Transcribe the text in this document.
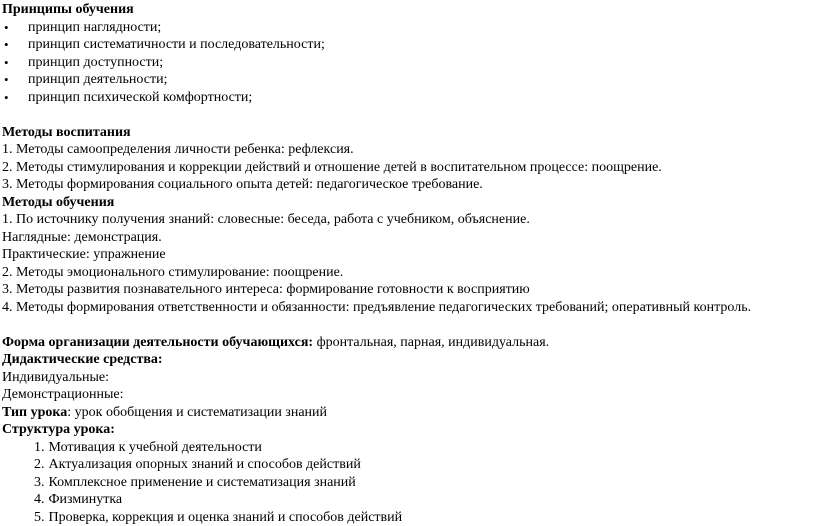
Принципы обучения
• принцип наглядности;
• принцип систематичности и последовательности;
• принцип доступности;
• принцип деятельности;
• принцип психической комфортности;
Методы воспитания
1. Методы самоопределения личности ребенка: рефлексия.
2. Методы стимулирования и коррекции действий и отношение детей в воспитательном процессе: поощрение.
3. Методы формирования социального опыта детей: педагогическое требование.
Методы обучения
1. По источнику получения знаний: словесные: беседа, работа с учебником, объяснение.
Наглядные: демонстрация.
Практические: упражнение
2. Методы эмоционального стимулирование: поощрение.
3. Методы развития познавательного интереса: формирование готовности к восприятию
4. Методы формирования ответственности и обязанности: предъявление педагогических требований; оперативный контроль.
Форма организации деятельности обучающихся: фронтальная, парная, индивидуальная.
Дидактические средства:
Индивидуальные:
Демонстрационные:
Тип урока: урок обобщения и систематизации знаний
Структура урока:
1. Мотивация к учебной деятельности
2. Актуализация опорных знаний и способов действий
3. Комплексное применение и систематизация знаний
4. Физминутка
5. Проверка, коррекция и оценка знаний и способов действий
